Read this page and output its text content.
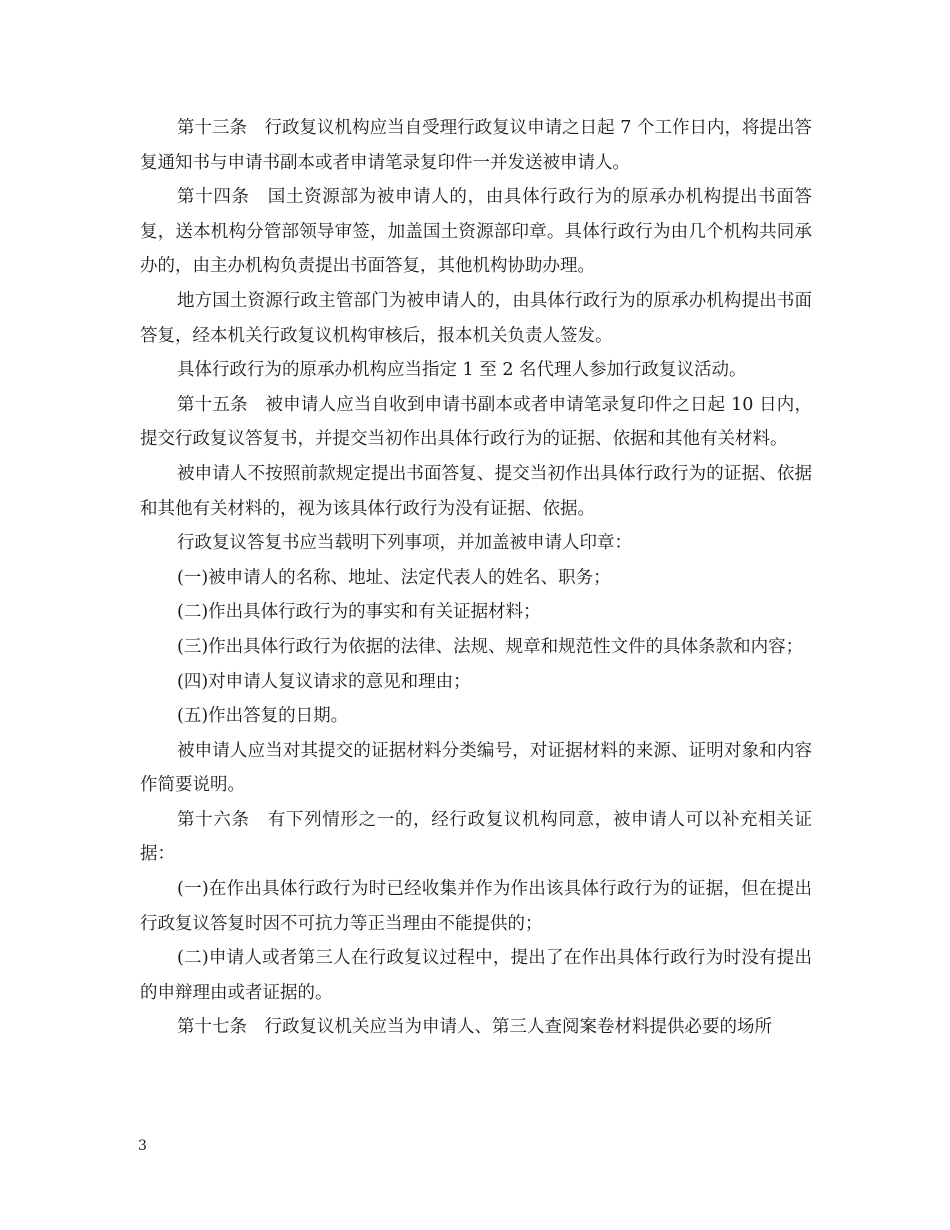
第十三条　行政复议机构应当自受理行政复议申请之日起 7 个工作日内，将提出答复通知书与申请书副本或者申请笔录复印件一并发送被申请人。

第十四条　国土资源部为被申请人的，由具体行政行为的原承办机构提出书面答复，送本机构分管部领导审签，加盖国土资源部印章。具体行政行为由几个机构共同承办的，由主办机构负责提出书面答复，其他机构协助办理。

地方国土资源行政主管部门为被申请人的，由具体行政行为的原承办机构提出书面答复，经本机关行政复议机构审核后，报本机关负责人签发。

具体行政行为的原承办机构应当指定 1 至 2 名代理人参加行政复议活动。

第十五条　被申请人应当自收到申请书副本或者申请笔录复印件之日起 10 日内，提交行政复议答复书，并提交当初作出具体行政行为的证据、依据和其他有关材料。

被申请人不按照前款规定提出书面答复、提交当初作出具体行政行为的证据、依据和其他有关材料的，视为该具体行政行为没有证据、依据。

行政复议答复书应当载明下列事项，并加盖被申请人印章：

(一)被申请人的名称、地址、法定代表人的姓名、职务；

(二)作出具体行政行为的事实和有关证据材料；

(三)作出具体行政行为依据的法律、法规、规章和规范性文件的具体条款和内容；

(四)对申请人复议请求的意见和理由；

(五)作出答复的日期。

被申请人应当对其提交的证据材料分类编号，对证据材料的来源、证明对象和内容作简要说明。

第十六条　有下列情形之一的，经行政复议机构同意，被申请人可以补充相关证据：

(一)在作出具体行政行为时已经收集并作为作出该具体行政行为的证据，但在提出行政复议答复时因不可抗力等正当理由不能提供的；

(二)申请人或者第三人在行政复议过程中，提出了在作出具体行政行为时没有提出的申辩理由或者证据的。

第十七条　行政复议机关应当为申请人、第三人查阅案卷材料提供必要的场所

3
